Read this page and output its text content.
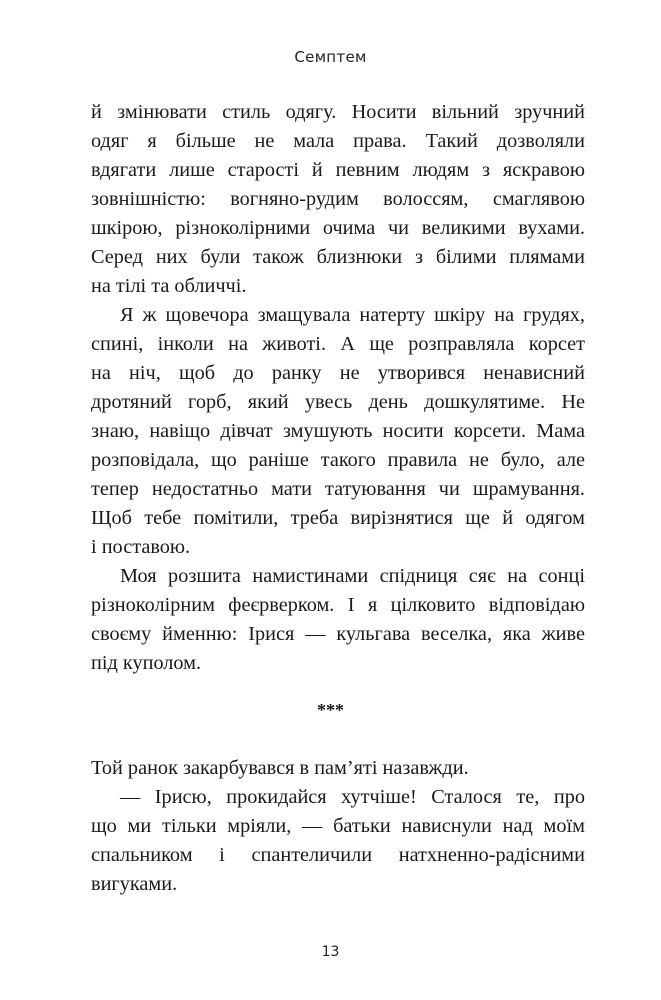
Семптем
й змінювати стиль одягу. Носити вільний зручний
одяг я більше не мала права. Такий дозволяли
вдягати лише старості й певним людям з яскравою
зовнішністю: вогняно-рудим волоссям, смаглявою
шкірою, різноколірними очима чи великими вухами.
Серед них були також близнюки з білими плямами
на тілі та обличчі.
Я ж щовечора змащувала натерту шкіру на грудях,
спині, інколи на животі. А ще розправляла корсет
на ніч, щоб до ранку не утворився ненависний
дротяний горб, який увесь день дошкулятиме. Не
знаю, навіщо дівчат змушують носити корсети. Мама
розповідала, що раніше такого правила не було, але
тепер недостатньо мати татуювання чи шрамування.
Щоб тебе помітили, треба вирізнятися ще й одягом
і поставою.
Моя розшита намистинами спідниця сяє на сонці
різноколірним феєрверком. І я цілковито відповідаю
своєму йменню: Ірися — кульгава веселка, яка живе
під куполом.
***
Той ранок закарбувався в пам’яті назавжди.
— Ірисю, прокидайся хутчіше! Сталося те, про
що ми тільки мріяли, — батьки нависнули над моїм
спальником і спантеличили натхненно-радісними
вигуками.
13
